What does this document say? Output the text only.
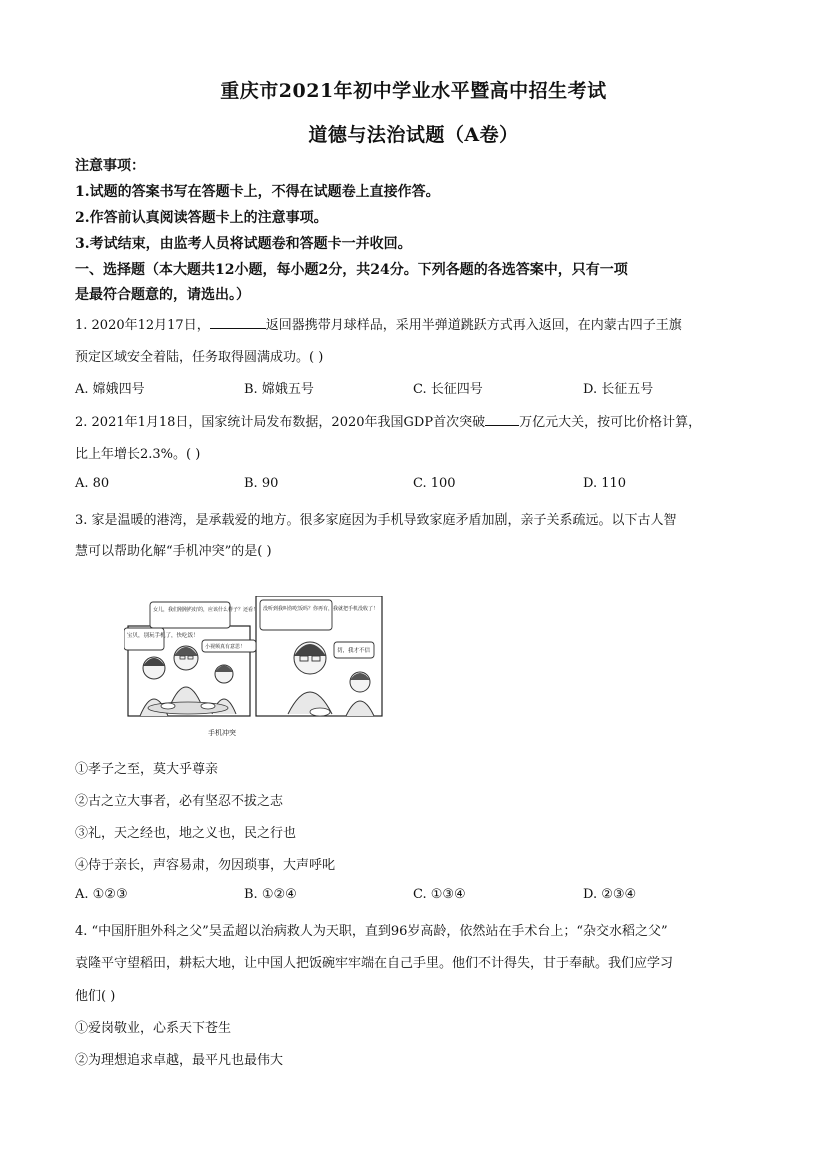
重庆市2021年初中学业水平暨高中招生考试
道德与法治试题（A卷）
注意事项：
1.试题的答案书写在答题卡上，不得在试题卷上直接作答。
2.作答前认真阅读答题卡上的注意事项。
3.考试结束，由监考人员将试题卷和答题卡一并收回。
一、选择题（本大题共12小题，每小题2分，共24分。下列各题的各选答案中，只有一项
是最符合题意的，请选出。）
1. 2020年12月17日，	返回器携带月球样品，采用半弹道跳跃方式再入返回，在内蒙古四子王旗
预定区域安全着陆，任务取得圆满成功。( )
A. 嫦娥四号	B. 嫦娥五号	C. 长征四号	D. 长征五号
2. 2021年1月18日，国家统计局发布数据，2020年我国GDP首次突破	万亿元大关，按可比价格计算，
比上年增长2.3%。( )
A. 80	B. 90	C. 100	D. 110
3. 家是温暖的港湾，是承载爱的地方。很多家庭因为手机导致家庭矛盾加剧，亲子关系疏远。以下古人智
慧可以帮助化解“手机冲突”的是( )
宝贝，别玩手机了，快吃饭！
女儿，我们刚刚约好的，应该什么样子？还看！
小视频真有意思！
没听到我叫你吃饭吗？你再有，我就把手机没收了！
切，我才不信
手机冲突
①孝子之至，莫大乎尊亲
②古之立大事者，必有坚忍不拔之志
③礼，天之经也，地之义也，民之行也
④侍于亲长，声容易肃，勿因琐事，大声呼叱
A. ①②③	B. ①②④	C. ①③④	D. ②③④
4. “中国肝胆外科之父”吴孟超以治病救人为天职，直到96岁高龄，依然站在手术台上；“杂交水稻之父”
袁隆平守望稻田，耕耘大地，让中国人把饭碗牢牢端在自己手里。他们不计得失，甘于奉献。我们应学习
他们( )
①爱岗敬业，心系天下苍生
②为理想追求卓越，最平凡也最伟大
